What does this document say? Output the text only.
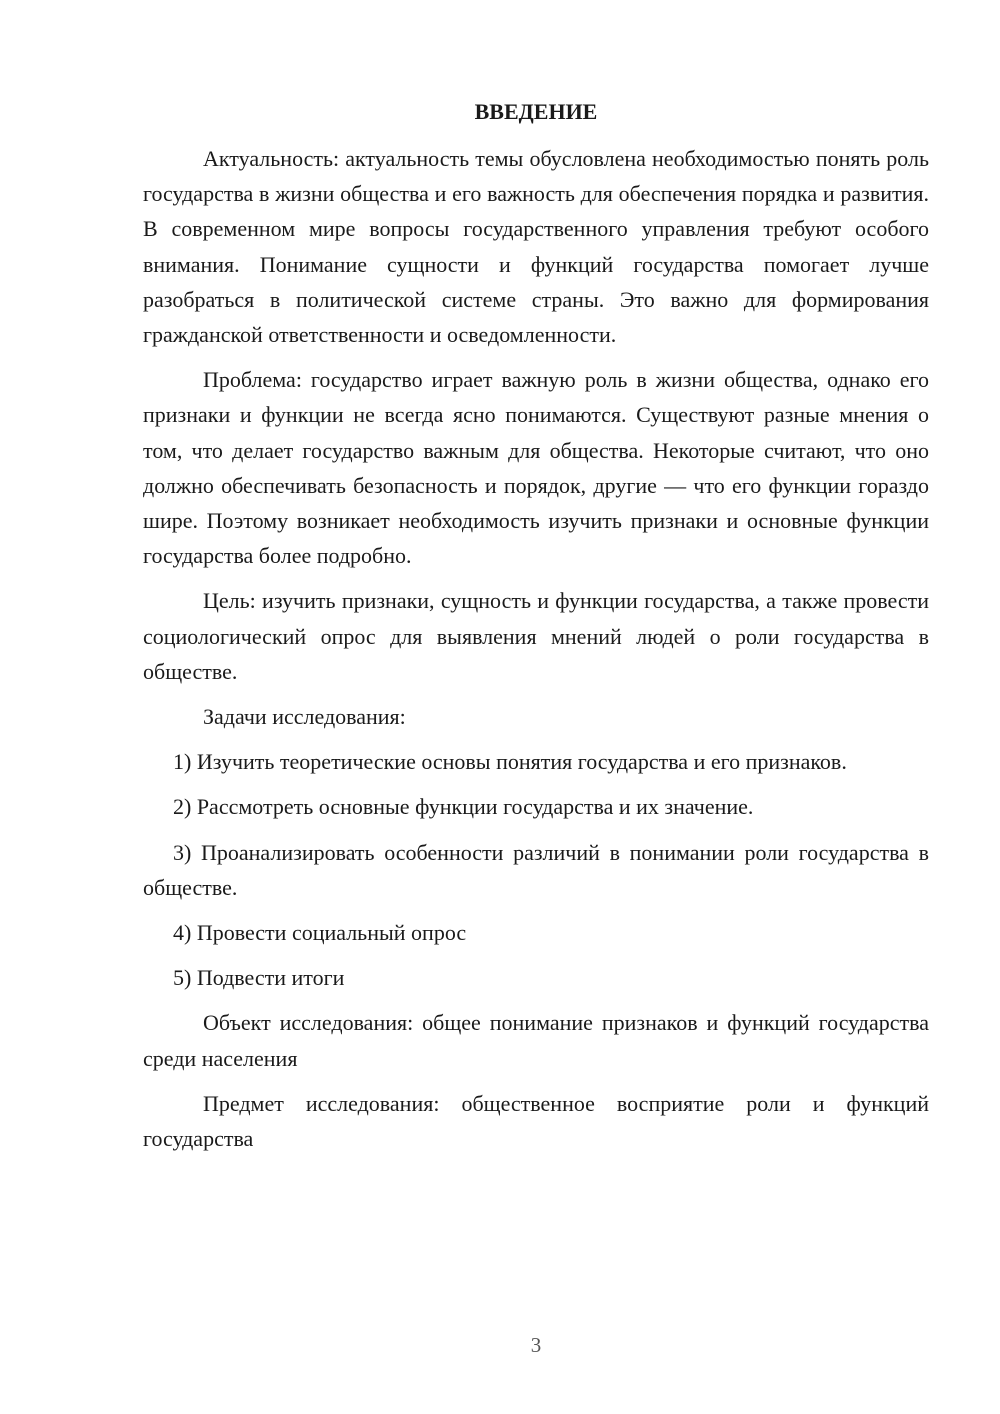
ВВЕДЕНИЕ

Актуальность: актуальность темы обусловлена необходимостью понять роль государства в жизни общества и его важность для обеспечения порядка и развития. В современном мире вопросы государственного управления требуют особого внимания. Понимание сущности и функций государства помогает лучше разобраться в политической системе страны. Это важно для формирования гражданской ответственности и осведомленности.

Проблема: государство играет важную роль в жизни общества, однако его признаки и функции не всегда ясно понимаются. Существуют разные мнения о том, что делает государство важным для общества. Некоторые считают, что оно должно обеспечивать безопасность и порядок, другие — что его функции гораздо шире. Поэтому возникает необходимость изучить признаки и основные функции государства более подробно.

Цель: изучить признаки, сущность и функции государства, а также провести социологический опрос для выявления мнений людей о роли государства в обществе.

Задачи исследования:

1) Изучить теоретические основы понятия государства и его признаков.

2) Рассмотреть основные функции государства и их значение.

3) Проанализировать особенности различий в понимании роли государства в обществе.

4) Провести социальный опрос

5) Подвести итоги

Объект исследования: общее понимание признаков и функций государства среди населения

Предмет исследования: общественное восприятие роли и функций государства

3
